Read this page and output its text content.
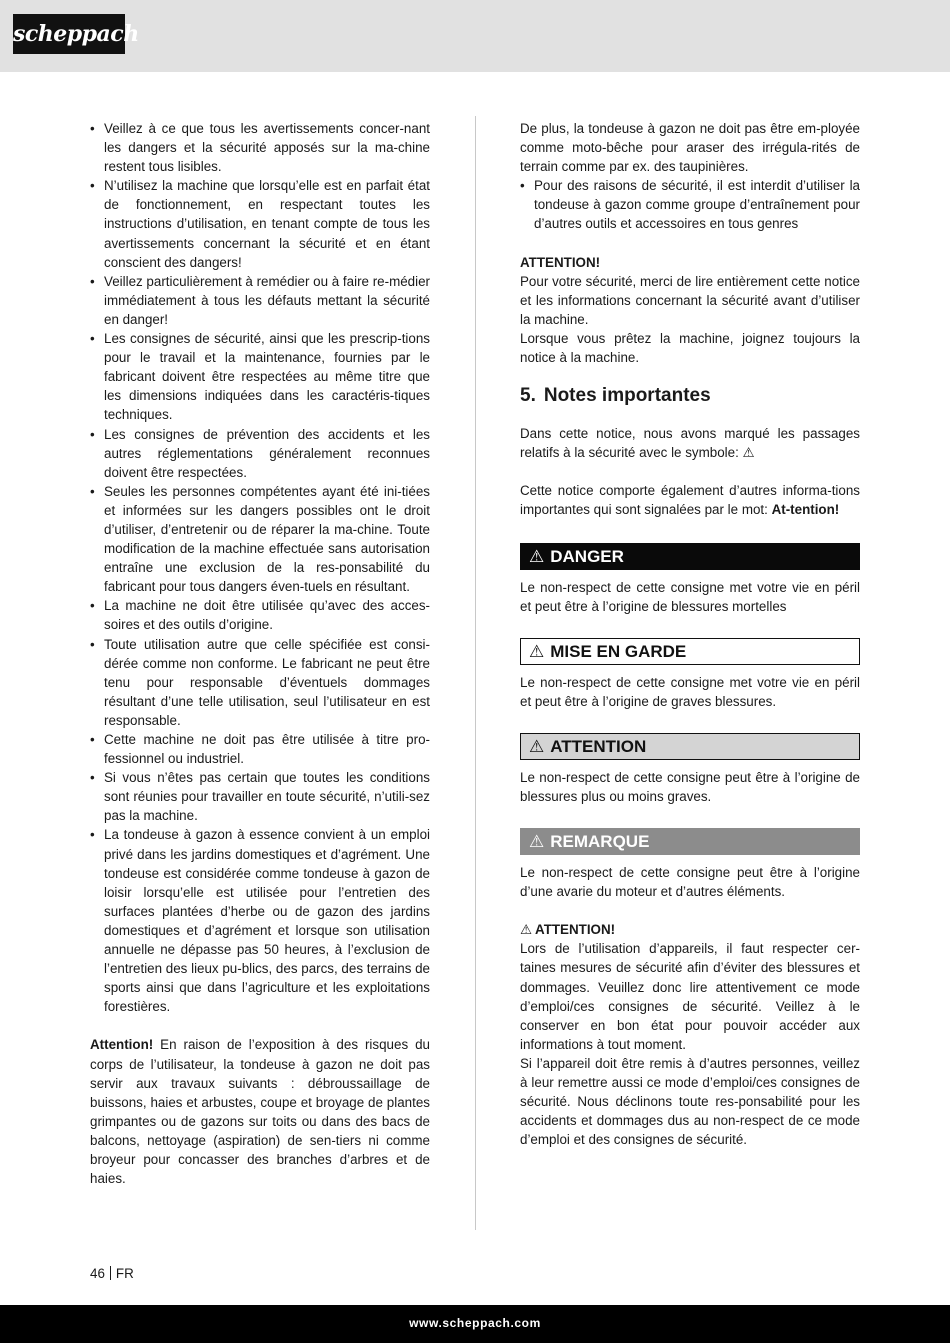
scheppach
• Veillez à ce que tous les avertissements concer-nant les dangers et la sécurité apposés sur la ma-chine restent tous lisibles.
• N’utilisez la machine que lorsqu’elle est en parfait état de fonctionnement, en respectant toutes les instructions d’utilisation, en tenant compte de tous les avertissements concernant la sécurité et en étant conscient des dangers!
• Veillez particulièrement à remédier ou à faire re-médier immédiatement à tous les défauts mettant la sécurité en danger!
• Les consignes de sécurité, ainsi que les prescrip-tions pour le travail et la maintenance, fournies par le fabricant doivent être respectées au même titre que les dimensions indiquées dans les caractéris-tiques techniques.
• Les consignes de prévention des accidents et les autres réglementations généralement reconnues doivent être respectées.
• Seules les personnes compétentes ayant été ini-tiées et informées sur les dangers possibles ont le droit d’utiliser, d’entretenir ou de réparer la ma-chine. Toute modification de la machine effectuée sans autorisation entraîne une exclusion de la res-ponsabilité du fabricant pour tous dangers éven-tuels en résultant.
• La machine ne doit être utilisée qu’avec des acces-soires et des outils d’origine.
• Toute utilisation autre que celle spécifiée est consi-dérée comme non conforme. Le fabricant ne peut être tenu pour responsable d’éventuels dommages résultant d’une telle utilisation, seul l’utilisateur en est responsable.
• Cette machine ne doit pas être utilisée à titre pro-fessionnel ou industriel.
• Si vous n’êtes pas certain que toutes les conditions sont réunies pour travailler en toute sécurité, n’utili-sez pas la machine.
• La tondeuse à gazon à essence convient à un emploi privé dans les jardins domestiques et d’agrément. Une tondeuse est considérée comme tondeuse à gazon de loisir lorsqu’elle est utilisée pour l’entretien des surfaces plantées d’herbe ou de gazon des jardins domestiques et d’agrément et lorsque son utilisation annuelle ne dépasse pas 50 heures, à l’exclusion de l’entretien des lieux pu-blics, des parcs, des terrains de sports ainsi que dans l’agriculture et les exploitations forestières.

Attention! En raison de l’exposition à des risques du corps de l’utilisateur, la tondeuse à gazon ne doit pas servir aux travaux suivants : débroussaillage de buissons, haies et arbustes, coupe et broyage de plantes grimpantes ou de gazons sur toits ou dans des bacs de balcons, nettoyage (aspiration) de sen-tiers ni comme broyeur pour concasser des branches d’arbres et de haies.

De plus, la tondeuse à gazon ne doit pas être em-ployée comme moto-bêche pour araser des irrégula-rités de terrain comme par ex. des taupinières.

• Pour des raisons de sécurité, il est interdit d’utiliser la tondeuse à gazon comme groupe d’entraînement pour d’autres outils et accessoires en tous genres

ATTENTION!

Pour votre sécurité, merci de lire entièrement cette notice et les informations concernant la sécurité avant d’utiliser la machine.

Lorsque vous prêtez la machine, joignez toujours la notice à la machine.

5. Notes importantes

Dans cette notice, nous avons marqué les passages relatifs à la sécurité avec le symbole: ⚠

Cette notice comporte également d’autres informa-tions importantes qui sont signalées par le mot: At-tention!

⚠ DANGER

Le non-respect de cette consigne met votre vie en péril et peut être à l’origine de blessures mortelles

⚠ MISE EN GARDE

Le non-respect de cette consigne met votre vie en péril et peut être à l’origine de graves blessures.

⚠ ATTENTION

Le non-respect de cette consigne peut être à l’origine de blessures plus ou moins graves.

⚠ REMARQUE

Le non-respect de cette consigne peut être à l’origine d’une avarie du moteur et d’autres éléments.

⚠ ATTENTION!

Lors de l’utilisation d’appareils, il faut respecter cer-taines mesures de sécurité afin d’éviter des blessures et dommages. Veuillez donc lire attentivement ce mode d’emploi/ces consignes de sécurité. Veillez à le conserver en bon état pour pouvoir accéder aux informations à tout moment.

Si l’appareil doit être remis à d’autres personnes, veillez à leur remettre aussi ce mode d’emploi/ces consignes de sécurité. Nous déclinons toute res-ponsabilité pour les accidents et dommages dus au non-respect de ce mode d’emploi et des consignes de sécurité.

46 FR
www.scheppach.com
